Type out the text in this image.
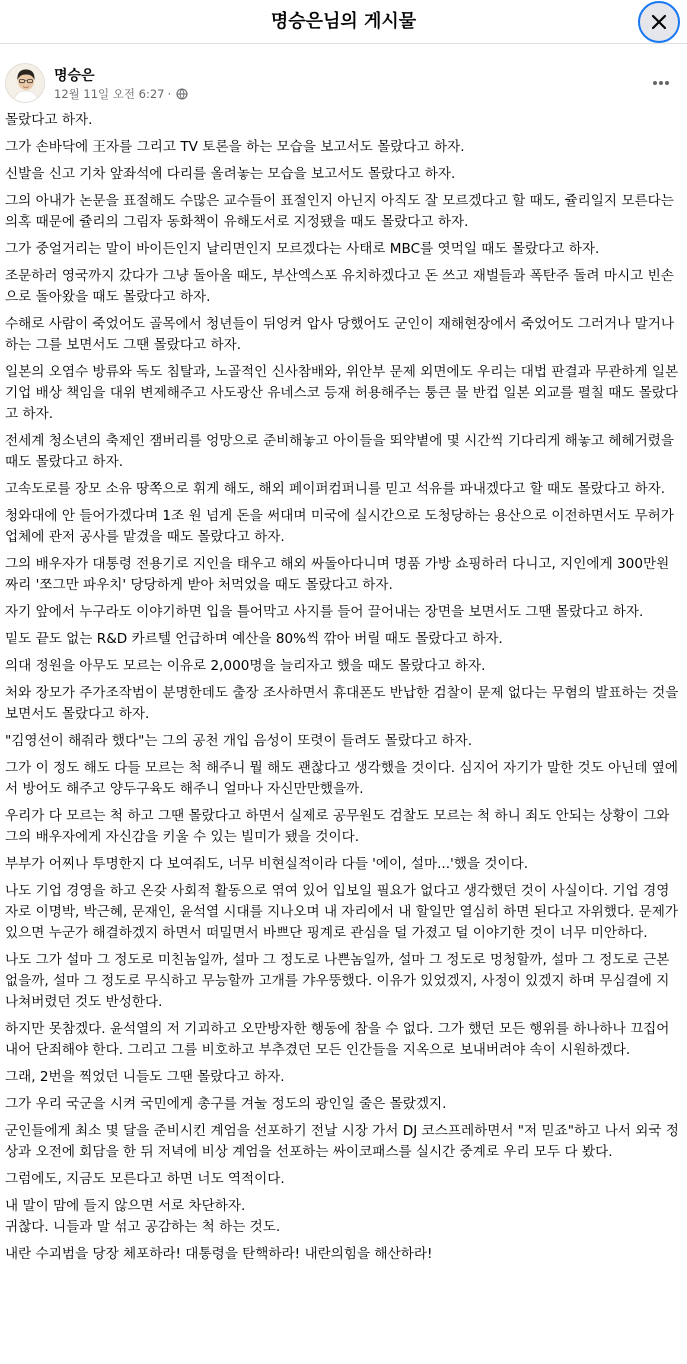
명승은님의 게시물
명승은
12월 11일 오전 6:27 ·

몰랐다고 하자.

그가 손바닥에 王자를 그리고 TV 토론을 하는 모습을 보고서도 몰랐다고 하자.

신발을 신고 기차 앞좌석에 다리를 올려놓는 모습을 보고서도 몰랐다고 하자.

그의 아내가 논문을 표절해도 수많은 교수들이 표절인지 아닌지 아직도 잘 모르겠다고 할 때도, 쥴리일지 모른다는 의혹 때문에 쥴리의 그림자 동화책이 유해도서로 지정됐을 때도 몰랐다고 하자.

그가 중얼거리는 말이 바이든인지 날리면인지 모르겠다는 사태로 MBC를 엿먹일 때도 몰랐다고 하자.

조문하러 영국까지 갔다가 그냥 돌아올 때도, 부산엑스포 유치하겠다고 돈 쓰고 재벌들과 폭탄주 돌려 마시고 빈손으로 돌아왔을 때도 몰랐다고 하자.

수해로 사람이 죽었어도 골목에서 청년들이 뒤엉켜 압사 당했어도 군인이 재해현장에서 죽었어도 그러거나 말거나 하는 그를 보면서도 그땐 몰랐다고 하자.

일본의 오염수 방류와 독도 침탈과, 노골적인 신사참배와, 위안부 문제 외면에도 우리는 대법 판결과 무관하게 일본기업 배상 책임을 대위 변제해주고 사도광산 유네스코 등재 허용해주는 퉁큰 물 반컵 일본 외교를 펼칠 때도 몰랐다고 하자.

전세계 청소년의 축제인 잼버리를 엉망으로 준비해놓고 아이들을 뙤약볕에 몇 시간씩 기다리게 해놓고 헤헤거렸을 때도 몰랐다고 하자.

고속도로를 장모 소유 땅쪽으로 휘게 해도, 해외 페이퍼컴퍼니를 믿고 석유를 파내겠다고 할 때도 몰랐다고 하자.

청와대에 안 들어가겠다며 1조 원 넘게 돈을 써대며 미국에 실시간으로 도청당하는 용산으로 이전하면서도 무허가 업체에 관저 공사를 맡겼을 때도 몰랐다고 하자.

그의 배우자가 대통령 전용기로 지인을 태우고 해외 싸돌아다니며 명품 가방 쇼핑하러 다니고, 지인에게 300만원짜리 '쪼그만 파우치' 당당하게 받아 처먹었을 때도 몰랐다고 하자.

자기 앞에서 누구라도 이야기하면 입을 틀어막고 사지를 들어 끌어내는 장면을 보면서도 그땐 몰랐다고 하자.

밑도 끝도 없는 R&D 카르텔 언급하며 예산을 80%씩 깎아 버릴 때도 몰랐다고 하자.

의대 정원을 아무도 모르는 이유로 2,000명을 늘리자고 했을 때도 몰랐다고 하자.

처와 장모가 주가조작범이 분명한데도 출장 조사하면서 휴대폰도 반납한 검찰이 문제 없다는 무혐의 발표하는 것을 보면서도 몰랐다고 하자.

"김영선이 해줘라 했다"는 그의 공천 개입 음성이 또렷이 들려도 몰랐다고 하자.

그가 이 정도 해도 다들 모르는 척 해주니 뭘 해도 괜찮다고 생각했을 것이다. 심지어 자기가 말한 것도 아닌데 옆에서 방어도 해주고 양두구육도 해주니 얼마나 자신만만했을까.

우리가 다 모르는 척 하고 그땐 몰랐다고 하면서 실제로 공무원도 검찰도 모르는 척 하니 죄도 안되는 상황이 그와 그의 배우자에게 자신감을 키울 수 있는 빌미가 됐을 것이다.

부부가 어찌나 투명한지 다 보여줘도, 너무 비현실적이라 다들 '에이, 설마...'했을 것이다.

나도 기업 경영을 하고 온갖 사회적 활동으로 엮여 있어 입보일 필요가 없다고 생각했던 것이 사실이다. 기업 경영자로 이명박, 박근혜, 문재인, 윤석열 시대를 지나오며 내 자리에서 내 할일만 열심히 하면 된다고 자위했다. 문제가 있으면 누군가 해결하겠지 하면서 떠밀면서 바쁘단 핑계로 관심을 덜 가졌고 덜 이야기한 것이 너무 미안하다.

나도 그가 설마 그 정도로 미친놈일까, 설마 그 정도로 나쁜놈일까, 설마 그 정도로 멍청할까, 설마 그 정도로 근본 없을까, 설마 그 정도로 무식하고 무능할까 고개를 갸우뚱했다. 이유가 있었겠지, 사정이 있겠지 하며 무심결에 지나쳐버렸던 것도 반성한다.

하지만 못참겠다. 윤석열의 저 기괴하고 오만방자한 행동에 참을 수 없다. 그가 했던 모든 행위를 하나하나 끄집어내어 단죄해야 한다. 그리고 그를 비호하고 부추겼던 모든 인간들을 지옥으로 보내버려야 속이 시원하겠다.

그래, 2번을 찍었던 니들도 그땐 몰랐다고 하자.

그가 우리 국군을 시켜 국민에게 총구를 겨눌 정도의 광인일 줄은 몰랐겠지.

군인들에게 최소 몇 달을 준비시킨 계엄을 선포하기 전날 시장 가서 DJ 코스프레하면서 "저 믿죠"하고 나서 외국 정상과 오전에 회담을 한 뒤 저녁에 비상 계엄을 선포하는 싸이코패스를 실시간 중계로 우리 모두 다 봤다.

그럼에도, 지금도 모른다고 하면 너도 역적이다.

내 말이 맘에 들지 않으면 서로 차단하자.
귀찮다. 니들과 말 섞고 공감하는 척 하는 것도.

내란 수괴범을 당장 체포하라! 대통령을 탄핵하라! 내란의힘을 해산하라!
